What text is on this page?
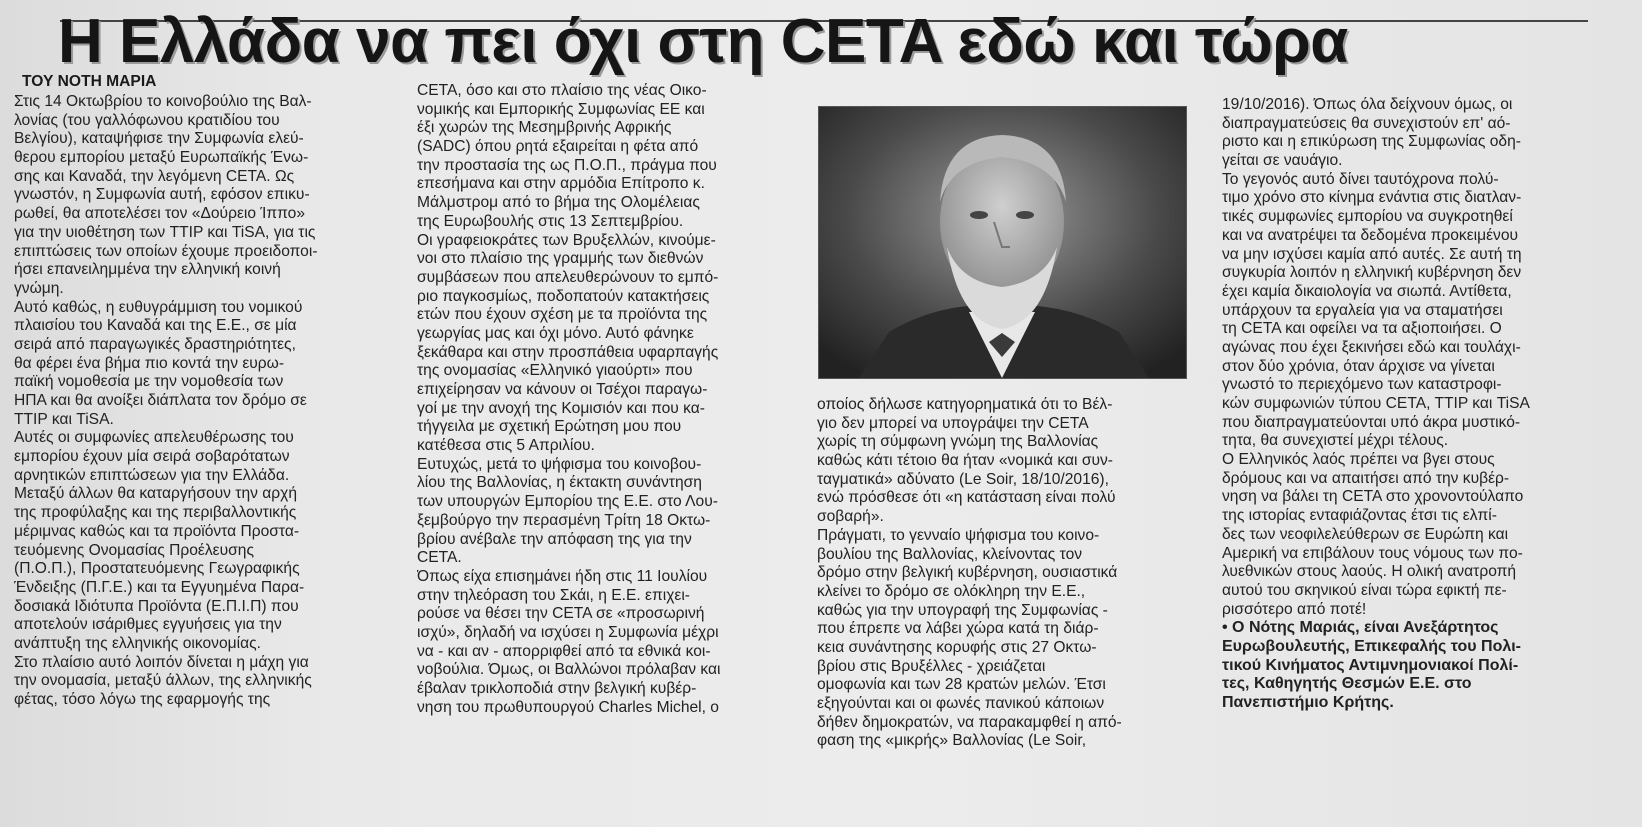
Η Ελλάδα να πει όχι στη CETA εδώ και τώρα
ΤΟΥ ΝΟΤΗ ΜΑΡΙΑ
Στις 14 Οκτωβρίου το κοινοβούλιο της Βαλ-
λονίας (του γαλλόφωνου κρατιδίου του
Βελγίου), καταψήφισε την Συμφωνία ελεύ-
θερου εμπορίου μεταξύ Ευρωπαϊκής Ένω-
σης και Καναδά, την λεγόμενη CETA. Ως
γνωστόν, η Συμφωνία αυτή, εφόσον επικυ-
ρωθεί, θα αποτελέσει τον «Δούρειο Ίππο»
για την υιοθέτηση των TTIP και TiSA, για τις
επιπτώσεις των οποίων έχουμε προειδοποι-
ήσει επανειλημμένα την ελληνική κοινή
γνώμη.
Αυτό καθώς, η ευθυγράμμιση του νομικού
πλαισίου του Καναδά και της Ε.Ε., σε μία
σειρά από παραγωγικές δραστηριότητες,
θα φέρει ένα βήμα πιο κοντά την ευρω-
παϊκή νομοθεσία με την νομοθεσία των
ΗΠΑ και θα ανοίξει διάπλατα τον δρόμο σε
TTIP και TiSA.
Αυτές οι συμφωνίες απελευθέρωσης του
εμπορίου έχουν μία σειρά σοβαρότατων
αρνητικών επιπτώσεων για την Ελλάδα.
Μεταξύ άλλων θα καταργήσουν την αρχή
της προφύλαξης και της περιβαλλοντικής
μέριμνας καθώς και τα προϊόντα Προστα-
τευόμενης Ονομασίας Προέλευσης
(Π.Ο.Π.), Προστατευόμενης Γεωγραφικής
Ένδειξης (Π.Γ.Ε.) και τα Εγγυημένα Παρα-
δοσιακά Ιδιότυπα Προϊόντα (Ε.Π.Ι.Π) που
αποτελούν ισάριθμες εγγυήσεις για την
ανάπτυξη της ελληνικής οικονομίας.
Στο πλαίσιο αυτό λοιπόν δίνεται η μάχη για
την ονομασία, μεταξύ άλλων, της ελληνικής
φέτας, τόσο λόγω της εφαρμογής της
CETA, όσο και στο πλαίσιο της νέας Οικο-
νομικής και Εμπορικής Συμφωνίας ΕΕ και
έξι χωρών της Μεσημβρινής Αφρικής
(SADC) όπου ρητά εξαιρείται η φέτα από
την προστασία της ως Π.Ο.Π., πράγμα που
επεσήμανα και στην αρμόδια Επίτροπο κ.
Μάλμστρομ από το βήμα της Ολομέλειας
της Ευρωβουλής στις 13 Σεπτεμβρίου.
Οι γραφειοκράτες των Βρυξελλών, κινούμε-
νοι στο πλαίσιο της γραμμής των διεθνών
συμβάσεων που απελευθερώνουν το εμπό-
ριο παγκοσμίως, ποδοπατούν κατακτήσεις
ετών που έχουν σχέση με τα προϊόντα της
γεωργίας μας και όχι μόνο. Αυτό φάνηκε
ξεκάθαρα και στην προσπάθεια υφαρπαγής
της ονομασίας «Ελληνικό γιαούρτι» που
επιχείρησαν να κάνουν οι Τσέχοι παραγω-
γοί με την ανοχή της Κομισιόν και που κα-
τήγγειλα με σχετική Ερώτηση μου που
κατέθεσα στις 5 Απριλίου.
Ευτυχώς, μετά το ψήφισμα του κοινοβου-
λίου της Βαλλονίας, η έκτακτη συνάντηση
των υπουργών Εμπορίου της Ε.Ε. στο Λου-
ξεμβούργο την περασμένη Τρίτη 18 Οκτω-
βρίου ανέβαλε την απόφαση της για την
CETA.
Όπως είχα επισημάνει ήδη στις 11 Ιουλίου
στην τηλεόραση του Σκάι, η Ε.Ε. επιχει-
ρούσε να θέσει την CETA σε «προσωρινή
ισχύ», δηλαδή να ισχύσει η Συμφωνία μέχρι
να - και αν - απορριφθεί από τα εθνικά κοι-
νοβούλια. Όμως, οι Βαλλώνοι πρόλαβαν και
έβαλαν τρικλοποδιά στην βελγική κυβέρ-
νηση του πρωθυπουργού Charles Michel, ο
οποίος δήλωσε κατηγορηματικά ότι το Βέλ-
γιο δεν μπορεί να υπογράψει την CETA
χωρίς τη σύμφωνη γνώμη της Βαλλονίας
καθώς κάτι τέτοιο θα ήταν «νομικά και συν-
ταγματικά» αδύνατο (Le Soir, 18/10/2016),
ενώ πρόσθεσε ότι «η κατάσταση είναι πολύ
σοβαρή».
Πράγματι, το γενναίο ψήφισμα του κοινο-
βουλίου της Βαλλονίας, κλείνοντας τον
δρόμο στην βελγική κυβέρνηση, ουσιαστικά
κλείνει το δρόμο σε ολόκληρη την Ε.Ε.,
καθώς για την υπογραφή της Συμφωνίας -
που έπρεπε να λάβει χώρα κατά τη διάρ-
κεια συνάντησης κορυφής στις 27 Οκτω-
βρίου στις Βρυξέλλες - χρειάζεται
ομοφωνία και των 28 κρατών μελών. Έτσι
εξηγούνται και οι φωνές πανικού κάποιων
δήθεν δημοκρατών, να παρακαμφθεί η από-
φαση της «μικρής» Βαλλονίας (Le Soir,
19/10/2016). Όπως όλα δείχνουν όμως, οι
διαπραγματεύσεις θα συνεχιστούν επ' αό-
ριστο και η επικύρωση της Συμφωνίας οδη-
γείται σε ναυάγιο.
Το γεγονός αυτό δίνει ταυτόχρονα πολύ-
τιμο χρόνο στο κίνημα ενάντια στις διατλαν-
τικές συμφωνίες εμπορίου να συγκροτηθεί
και να ανατρέψει τα δεδομένα προκειμένου
να μην ισχύσει καμία από αυτές. Σε αυτή τη
συγκυρία λοιπόν η ελληνική κυβέρνηση δεν
έχει καμία δικαιολογία να σιωπά. Αντίθετα,
υπάρχουν τα εργαλεία για να σταματήσει
τη CETA και οφείλει να τα αξιοποιήσει. Ο
αγώνας που έχει ξεκινήσει εδώ και τουλάχι-
στον δύο χρόνια, όταν άρχισε να γίνεται
γνωστό το περιεχόμενο των καταστροφι-
κών συμφωνιών τύπου CETA, TTIP και TiSA
που διαπραγματεύονται υπό άκρα μυστικό-
τητα, θα συνεχιστεί μέχρι τέλους.
Ο Ελληνικός λαός πρέπει να βγει στους
δρόμους και να απαιτήσει από την κυβέρ-
νηση να βάλει τη CETA στο χρονοντούλαπο
της ιστορίας ενταφιάζοντας έτσι τις ελπί-
δες των νεοφιλελεύθερων σε Ευρώπη και
Αμερική να επιβάλουν τους νόμους των πο-
λυεθνικών στους λαούς. Η ολική ανατροπή
αυτού του σκηνικού είναι τώρα εφικτή πε-
ρισσότερο από ποτέ!
• Ο Νότης Μαριάς, είναι Ανεξάρτητος
Ευρωβουλευτής, Επικεφαλής του Πολι-
τικού Κινήματος Αντιμνημονιακοί Πολί-
τες, Καθηγητής Θεσμών Ε.Ε. στο
Πανεπιστήμιο Κρήτης.
